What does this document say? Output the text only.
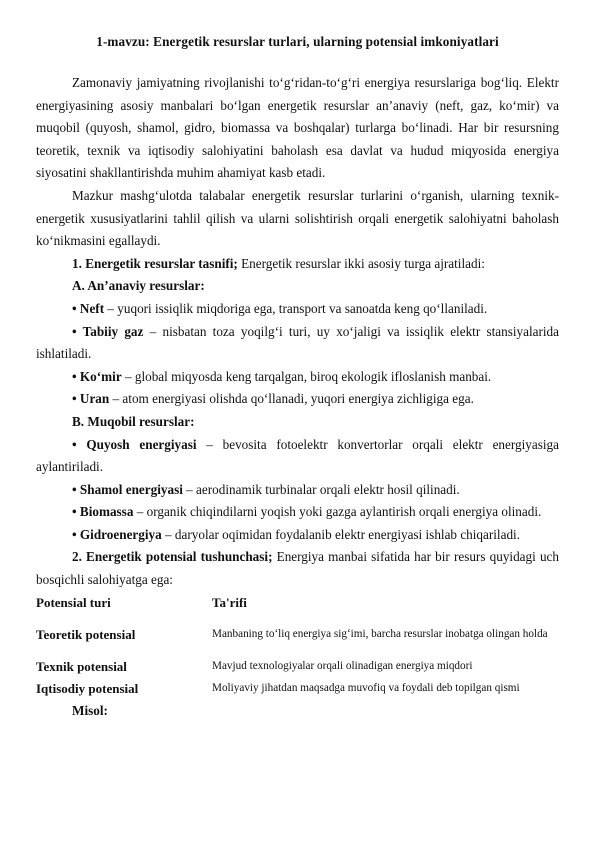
1-mavzu: Energetik resurslar turlari, ularning potensial imkoniyatlari

Zamonaviy jamiyatning rivojlanishi to‘g‘ridan-to‘g‘ri energiya resurslariga bog‘liq. Elektr energiyasining asosiy manbalari bo‘lgan energetik resurslar an’anaviy (neft, gaz, ko‘mir) va muqobil (quyosh, shamol, gidro, biomassa va boshqalar) turlarga bo‘linadi. Har bir resursning teoretik, texnik va iqtisodiy salohiyatini baholash esa davlat va hudud miqyosida energiya siyosatini shakllantirishda muhim ahamiyat kasb etadi.

Mazkur mashg‘ulotda talabalar energetik resurslar turlarini o‘rganish, ularning texnik-energetik xususiyatlarini tahlil qilish va ularni solishtirish orqali energetik salohiyatni baholash ko‘nikmasini egallaydi.

1. Energetik resurslar tasnifi; Energetik resurslar ikki asosiy turga ajratiladi:

A. An’anaviy resurslar:

• Neft – yuqori issiqlik miqdoriga ega, transport va sanoatda keng qo‘llaniladi.

• Tabiiy gaz – nisbatan toza yoqilg‘i turi, uy xo‘jaligi va issiqlik elektr stansiyalarida ishlatiladi.

• Ko‘mir – global miqyosda keng tarqalgan, biroq ekologik ifloslanish manbai.

• Uran – atom energiyasi olishda qo‘llanadi, yuqori energiya zichligiga ega.

B. Muqobil resurslar:

• Quyosh energiyasi – bevosita fotoelektr konvertorlar orqali elektr energiyasiga aylantiriladi.

• Shamol energiyasi – aerodinamik turbinalar orqali elektr hosil qilinadi.

• Biomassa – organik chiqindilarni yoqish yoki gazga aylantirish orqali energiya olinadi.

• Gidroenergiya – daryolar oqimidan foydalanib elektr energiyasi ishlab chiqariladi.

2. Energetik potensial tushunchasi; Energiya manbai sifatida har bir resurs quyidagi uch bosqichli salohiyatga ega:

Potensial turi	Ta'rifi
Teoretik potensial	Manbaning to‘liq energiya sig‘imi, barcha resurslar inobatga olingan holda
Texnik potensial	Mavjud texnologiyalar orqali olinadigan energiya miqdori
Iqtisodiy potensial	Moliyaviy jihatdan maqsadga muvofiq va foydali deb topilgan qismi

Misol:
